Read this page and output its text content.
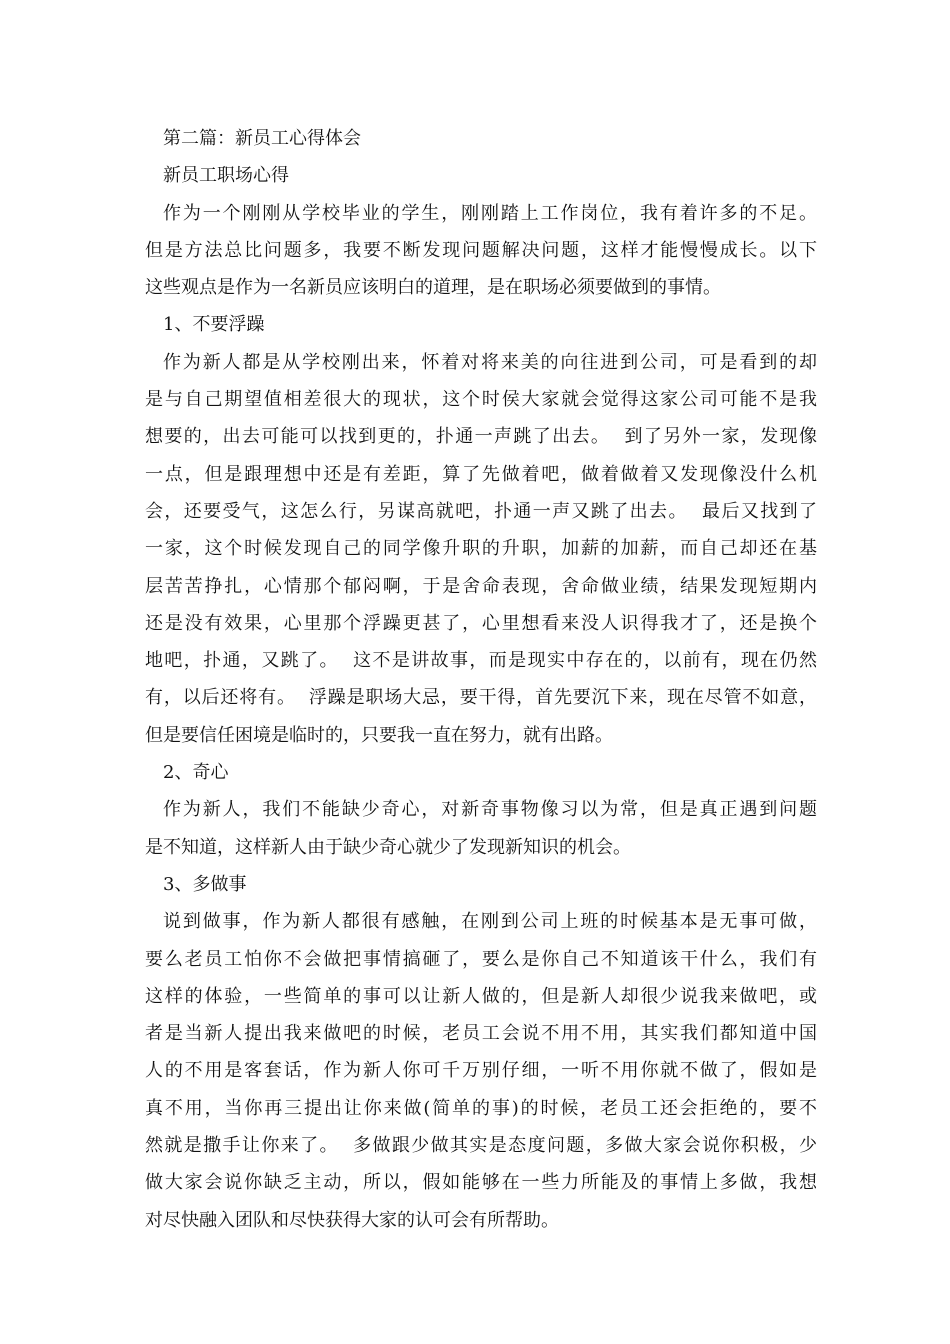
第二篇：新员工心得体会
新员工职场心得
作为一个刚刚从学校毕业的学生，刚刚踏上工作岗位，我有着许多的不足。
但是方法总比问题多，我要不断发现问题解决问题，这样才能慢慢成长。以下
这些观点是作为一名新员应该明白的道理，是在职场必须要做到的事情。
1、不要浮躁
作为新人都是从学校刚出来，怀着对将来美的向往进到公司，可是看到的却
是与自己期望值相差很大的现状，这个时侯大家就会觉得这家公司可能不是我
想要的，出去可能可以找到更的，扑通一声跳了出去。  到了另外一家，发现像
一点，但是跟理想中还是有差距，算了先做着吧，做着做着又发现像没什么机
会，还要受气，这怎么行，另谋高就吧，扑通一声又跳了出去。  最后又找到了
一家，这个时候发现自己的同学像升职的升职，加薪的加薪，而自己却还在基
层苦苦挣扎，心情那个郁闷啊，于是舍命表现，舍命做业绩，结果发现短期内
还是没有效果，心里那个浮躁更甚了，心里想看来没人识得我才了，还是换个
地吧，扑通，又跳了。  这不是讲故事，而是现实中存在的，以前有，现在仍然
有，以后还将有。  浮躁是职场大忌，要干得，首先要沉下来，现在尽管不如意，
但是要信任困境是临时的，只要我一直在努力，就有出路。
2、奇心
作为新人，我们不能缺少奇心，对新奇事物像习以为常，但是真正遇到问题
是不知道，这样新人由于缺少奇心就少了发现新知识的机会。
3、多做事
说到做事，作为新人都很有感触，在刚到公司上班的时候基本是无事可做，
要么老员工怕你不会做把事情搞砸了，要么是你自己不知道该干什么，我们有
这样的体验，一些简单的事可以让新人做的，但是新人却很少说我来做吧，或
者是当新人提出我来做吧的时候，老员工会说不用不用，其实我们都知道中国
人的不用是客套话，作为新人你可千万别仔细，一听不用你就不做了，假如是
真不用，当你再三提出让你来做(简单的事)的时候，老员工还会拒绝的，要不
然就是撒手让你来了。  多做跟少做其实是态度问题，多做大家会说你积极，少
做大家会说你缺乏主动，所以，假如能够在一些力所能及的事情上多做，我想
对尽快融入团队和尽快获得大家的认可会有所帮助。
